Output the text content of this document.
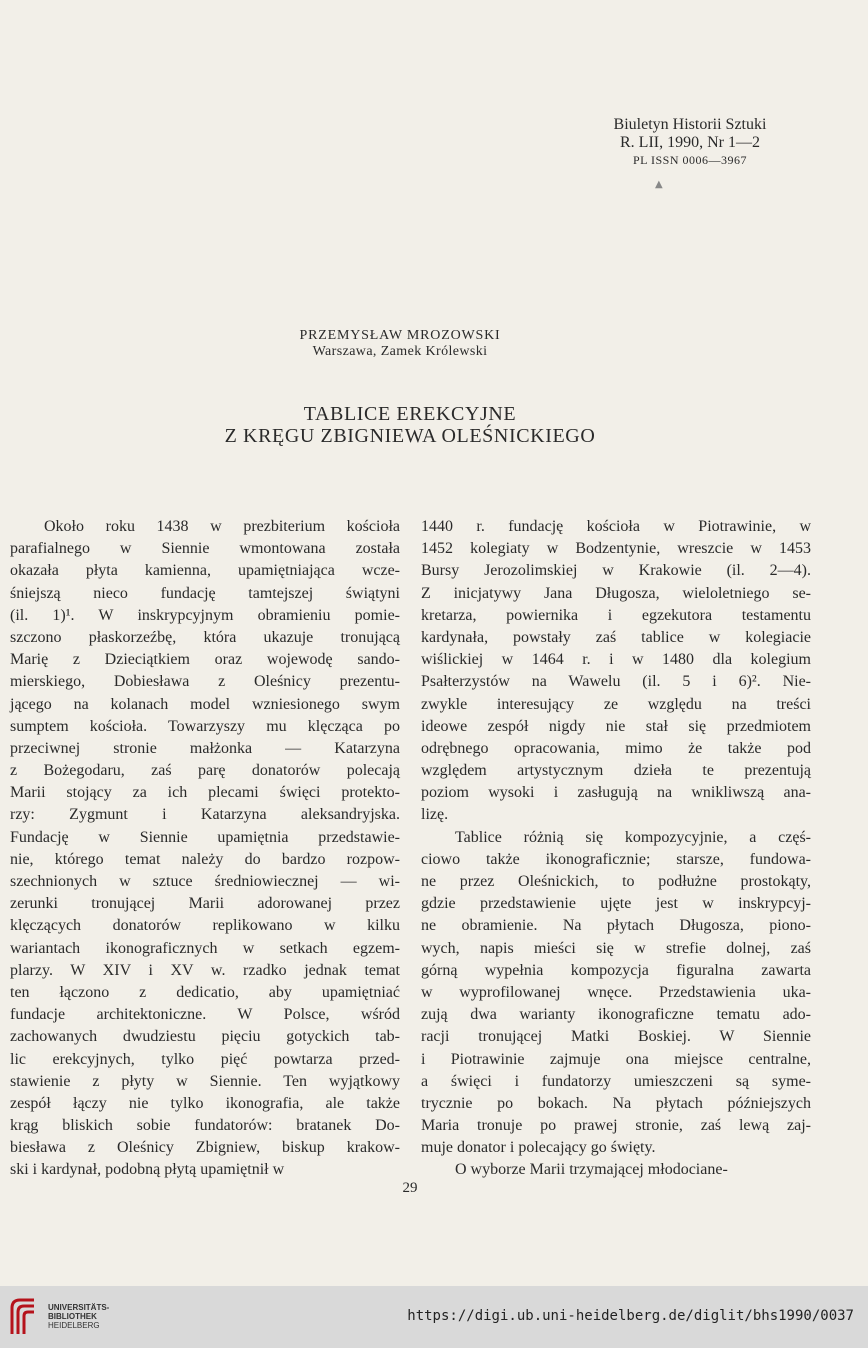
Biuletyn Historii Sztuki
R. LII, 1990, Nr 1—2
PL ISSN 0006—3967
▲
PRZEMYSŁAW MROZOWSKI
Warszawa, Zamek Królewski
TABLICE EREKCYJNE
Z KRĘGU ZBIGNIEWA OLEŚNICKIEGO
Około roku 1438 w prezbiterium kościoła
parafialnego w Siennie wmontowana została
okazała płyta kamienna, upamiętniająca wcze-
śniejszą nieco fundację tamtejszej świątyni
(il. 1)¹. W inskrypcyjnym obramieniu pomie-
szczono płaskorzeźbę, która ukazuje tronującą
Marię z Dzieciątkiem oraz wojewodę sando-
mierskiego, Dobiesława z Oleśnicy prezentu-
jącego na kolanach model wzniesionego swym
sumptem kościoła. Towarzyszy mu klęcząca po
przeciwnej stronie małżonka — Katarzyna
z Bożegodaru, zaś parę donatorów polecają
Marii stojący za ich plecami święci protekto-
rzy: Zygmunt i Katarzyna aleksandryjska.
Fundację w Siennie upamiętnia przedstawie-
nie, którego temat należy do bardzo rozpow-
szechnionych w sztuce średniowiecznej — wi-
zerunki tronującej Marii adorowanej przez
klęczących donatorów replikowano w kilku
wariantach ikonograficznych w setkach egzem-
plarzy. W XIV i XV w. rzadko jednak temat
ten łączono z dedicatio, aby upamiętniać
fundacje architektoniczne. W Polsce, wśród
zachowanych dwudziestu pięciu gotyckich tab-
lic erekcyjnych, tylko pięć powtarza przed-
stawienie z płyty w Siennie. Ten wyjątkowy
zespół łączy nie tylko ikonografia, ale także
krąg bliskich sobie fundatorów: bratanek Do-
biesława z Oleśnicy Zbigniew, biskup krakow-
ski i kardynał, podobną płytą upamiętnił w
1440 r. fundację kościoła w Piotrawinie, w
1452 kolegiaty w Bodzentynie, wreszcie w 1453
Bursy Jerozolimskiej w Krakowie (il. 2—4).
Z inicjatywy Jana Długosza, wieloletniego se-
kretarza, powiernika i egzekutora testamentu
kardynała, powstały zaś tablice w kolegiacie
wiślickiej w 1464 r. i w 1480 dla kolegium
Psałterzystów na Wawelu (il. 5 i 6)². Nie-
zwykle interesujący ze względu na treści
ideowe zespół nigdy nie stał się przedmiotem
odrębnego opracowania, mimo że także pod
względem artystycznym dzieła te prezentują
poziom wysoki i zasługują na wnikliwszą ana-
lizę.
Tablice różnią się kompozycyjnie, a częś-
ciowo także ikonograficznie; starsze, fundowa-
ne przez Oleśnickich, to podłużne prostokąty,
gdzie przedstawienie ujęte jest w inskrypcyj-
ne obramienie. Na płytach Długosza, piono-
wych, napis mieści się w strefie dolnej, zaś
górną wypełnia kompozycja figuralna zawarta
w wyprofilowanej wnęce. Przedstawienia uka-
zują dwa warianty ikonograficzne tematu ado-
racji tronującej Matki Boskiej. W Siennie
i Piotrawinie zajmuje ona miejsce centralne,
a święci i fundatorzy umieszczeni są syme-
trycznie po bokach. Na płytach późniejszych
Maria tronuje po prawej stronie, zaś lewą zaj-
muje donator i polecający go święty.
O wyborze Marii trzymającej młodociane-
29
UNIVERSITÄTS-
BIBLIOTHEK
HEIDELBERG
https://digi.ub.uni-heidelberg.de/diglit/bhs1990/0037
